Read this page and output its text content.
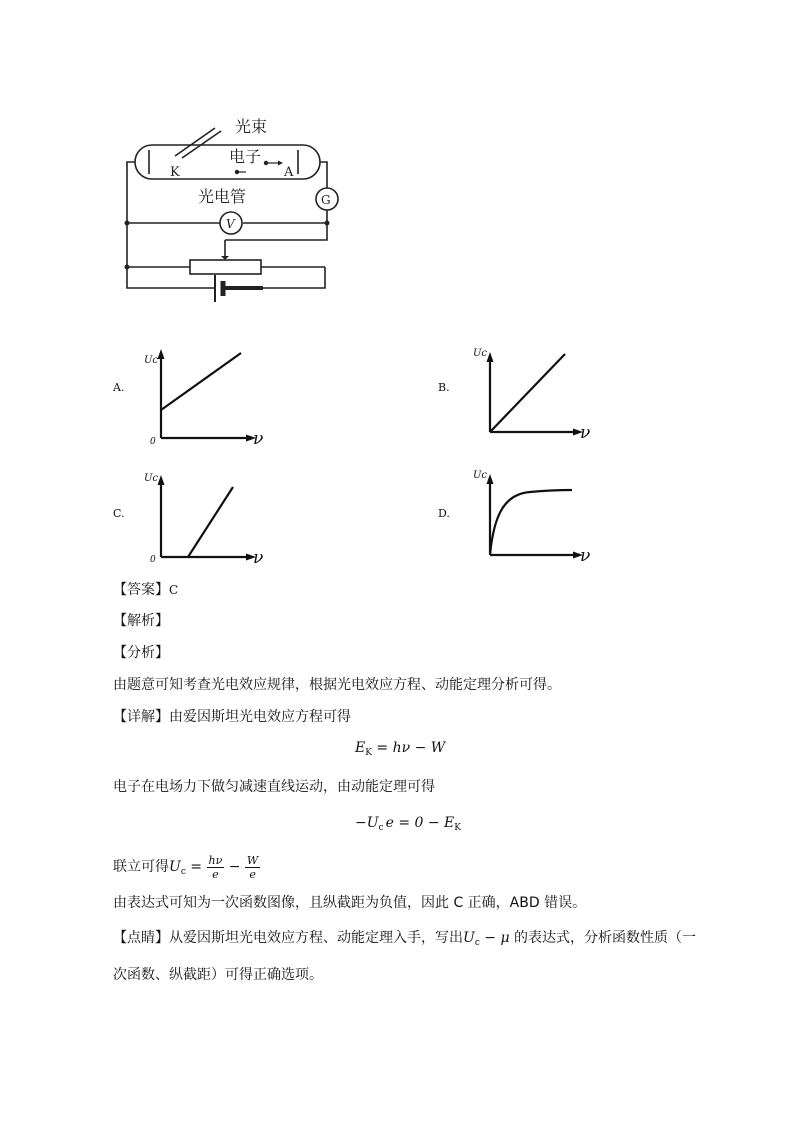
光束
电子
K	A
光电管	G
V
A.
Uc
0	ν
B.
Uc
ν
C.
Uc
0	ν
D.
Uc
ν
【答案】C
【解析】
【分析】
由题意可知考查光电效应规律，根据光电效应方程、动能定理分析可得。
【详解】由爱因斯坦光电效应方程可得
$E_K = h\nu - W$
电子在电场力下做匀减速直线运动，由动能定理可得
$-U_c$ $e = 0 - E_K$
联立可得$U_c = \frac{h\nu}{e} - \frac{W}{e}$
由表达式可知为一次函数图像，且纵截距为负值，因此 C 正确，ABD 错误。
【点睛】从爱因斯坦光电效应方程、动能定理入手，写出$U_c - \mu$ 的表达式，分析函数性质（一
次函数、纵截距）可得正确选项。
